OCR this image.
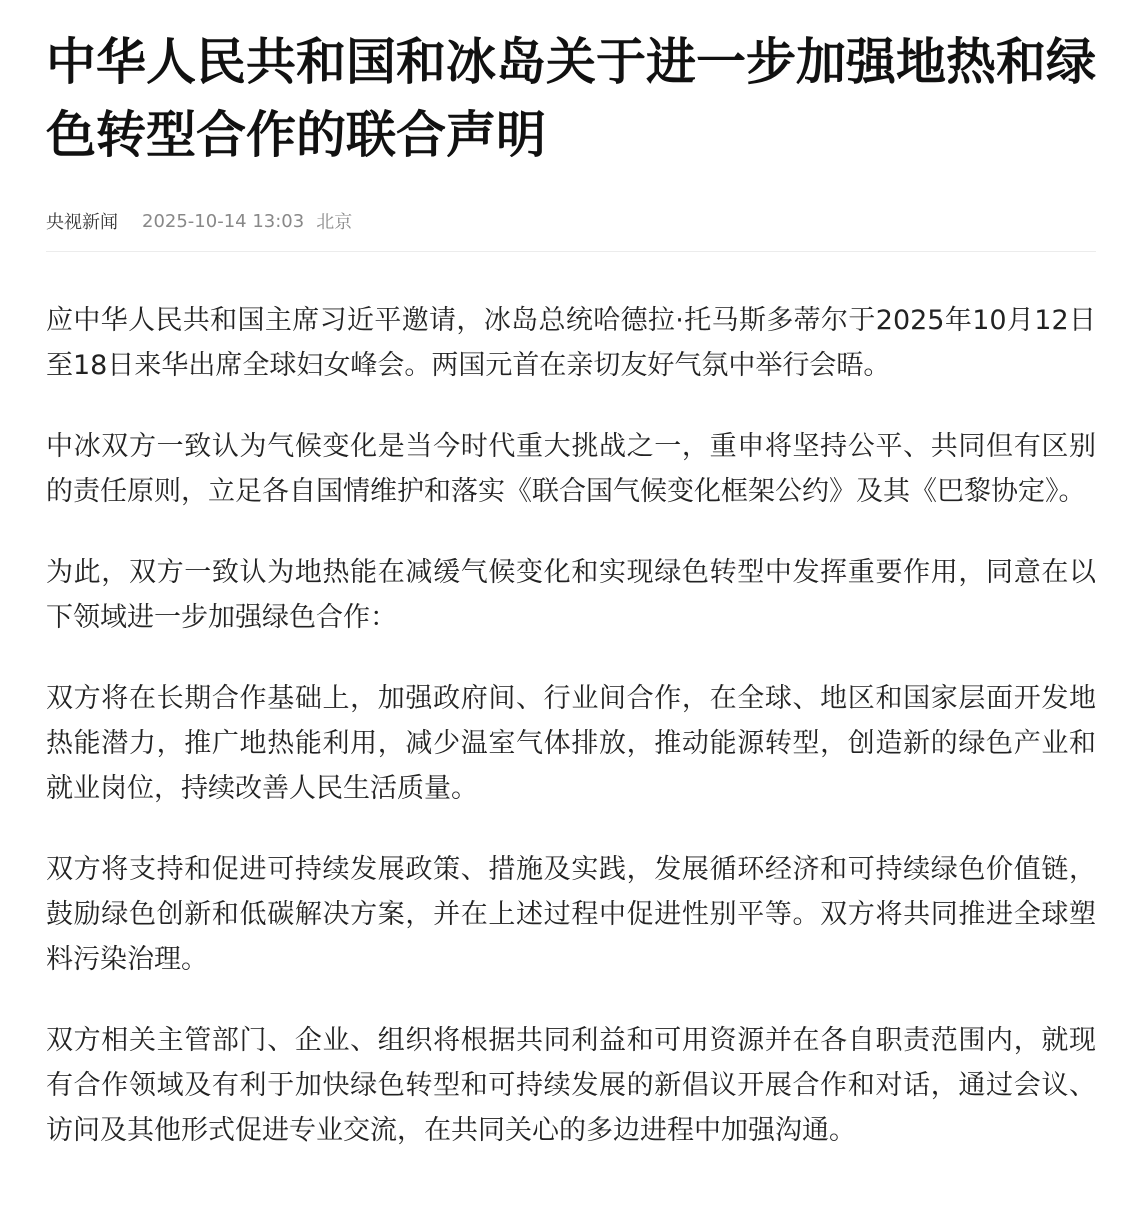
中华人民共和国和冰岛关于进一步加强地热和绿色转型合作的联合声明
央视新闻 2025-10-14 13:03 北京

应中华人民共和国主席习近平邀请，冰岛总统哈德拉·托马斯多蒂尔于2025年10月12日至18日来华出席全球妇女峰会。两国元首在亲切友好气氛中举行会晤。

中冰双方一致认为气候变化是当今时代重大挑战之一，重申将坚持公平、共同但有区别的责任原则，立足各自国情维护和落实《联合国气候变化框架公约》及其《巴黎协定》。

为此，双方一致认为地热能在减缓气候变化和实现绿色转型中发挥重要作用，同意在以下领域进一步加强绿色合作：

双方将在长期合作基础上，加强政府间、行业间合作，在全球、地区和国家层面开发地热能潜力，推广地热能利用，减少温室气体排放，推动能源转型，创造新的绿色产业和就业岗位，持续改善人民生活质量。

双方将支持和促进可持续发展政策、措施及实践，发展循环经济和可持续绿色价值链，鼓励绿色创新和低碳解决方案，并在上述过程中促进性别平等。双方将共同推进全球塑料污染治理。

双方相关主管部门、企业、组织将根据共同利益和可用资源并在各自职责范围内，就现有合作领域及有利于加快绿色转型和可持续发展的新倡议开展合作和对话，通过会议、访问及其他形式促进专业交流，在共同关心的多边进程中加强沟通。
